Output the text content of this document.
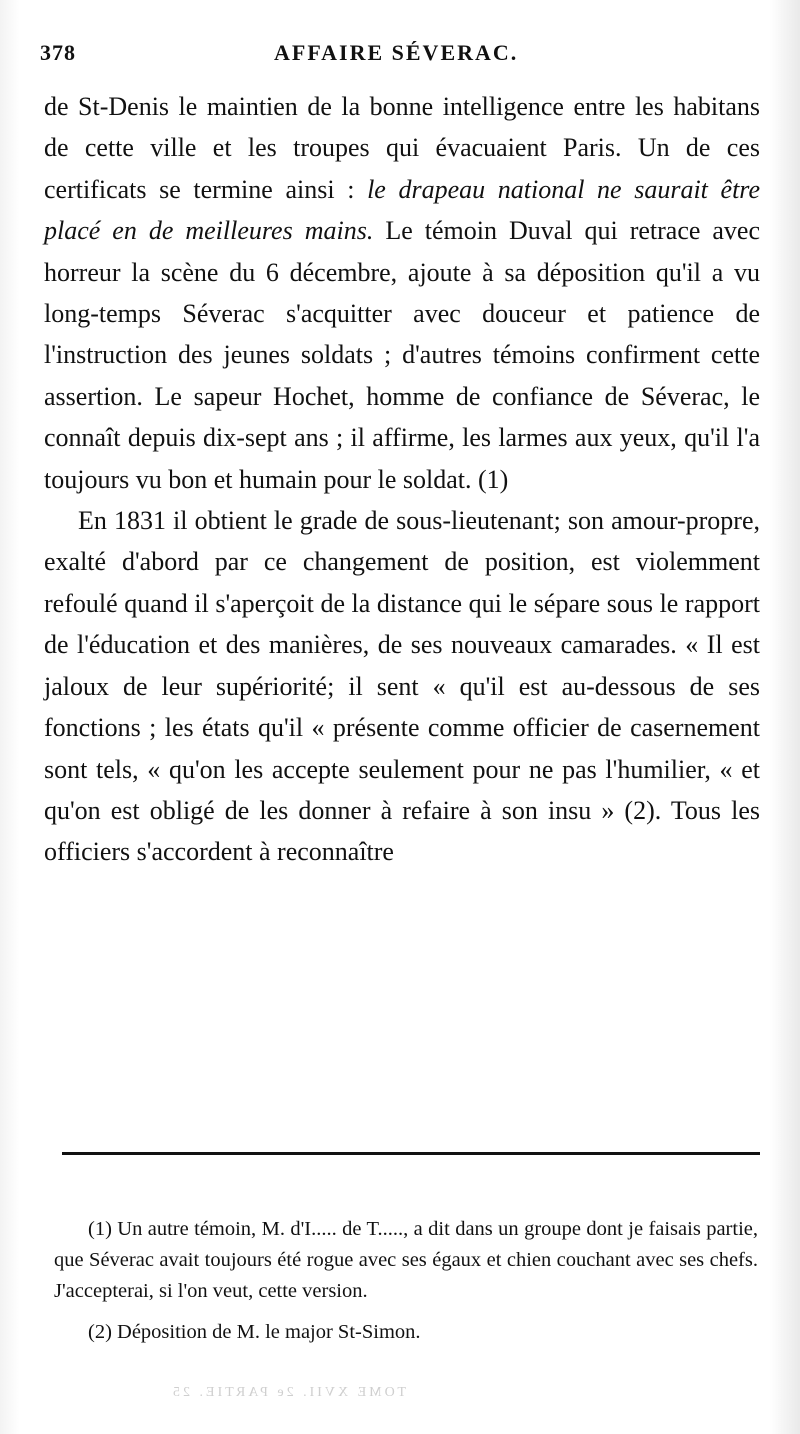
378	AFFAIRE SÉVERAC.

de St-Denis le maintien de la bonne intelligence entre les habitans de cette ville et les troupes qui évacuaient Paris. Un de ces certificats se termine ainsi : le drapeau national ne saurait être placé en de meilleures mains. Le témoin Duval qui retrace avec horreur la scène du 6 décembre, ajoute à sa déposition qu'il a vu long-temps Séverac s'acquitter avec douceur et patience de l'instruction des jeunes soldats ; d'autres témoins confirment cette assertion. Le sapeur Hochet, homme de confiance de Séverac, le connaît depuis dix-sept ans ; il affirme, les larmes aux yeux, qu'il l'a toujours vu bon et humain pour le soldat. (1)

En 1831 il obtient le grade de sous-lieutenant; son amour-propre, exalté d'abord par ce changement de position, est violemment refoulé quand il s'aperçoit de la distance qui le sépare sous le rapport de l'éducation et des manières, de ses nouveaux camarades. « Il est jaloux de leur supériorité; il sent « qu'il est au-dessous de ses fonctions ; les états qu'il « présente comme officier de casernement sont tels, « qu'on les accepte seulement pour ne pas l'humilier, « et qu'on est obligé de les donner à refaire à son insu » (2). Tous les officiers s'accordent à reconnaître

(1) Un autre témoin, M. d'I..... de T....., a dit dans un groupe dont je faisais partie, que Séverac avait toujours été rogue avec ses égaux et chien couchant avec ses chefs. J'accepterai, si l'on veut, cette version.

(2) Déposition de M. le major St-Simon.

TOME XVII. 2e PARTIE. 25
